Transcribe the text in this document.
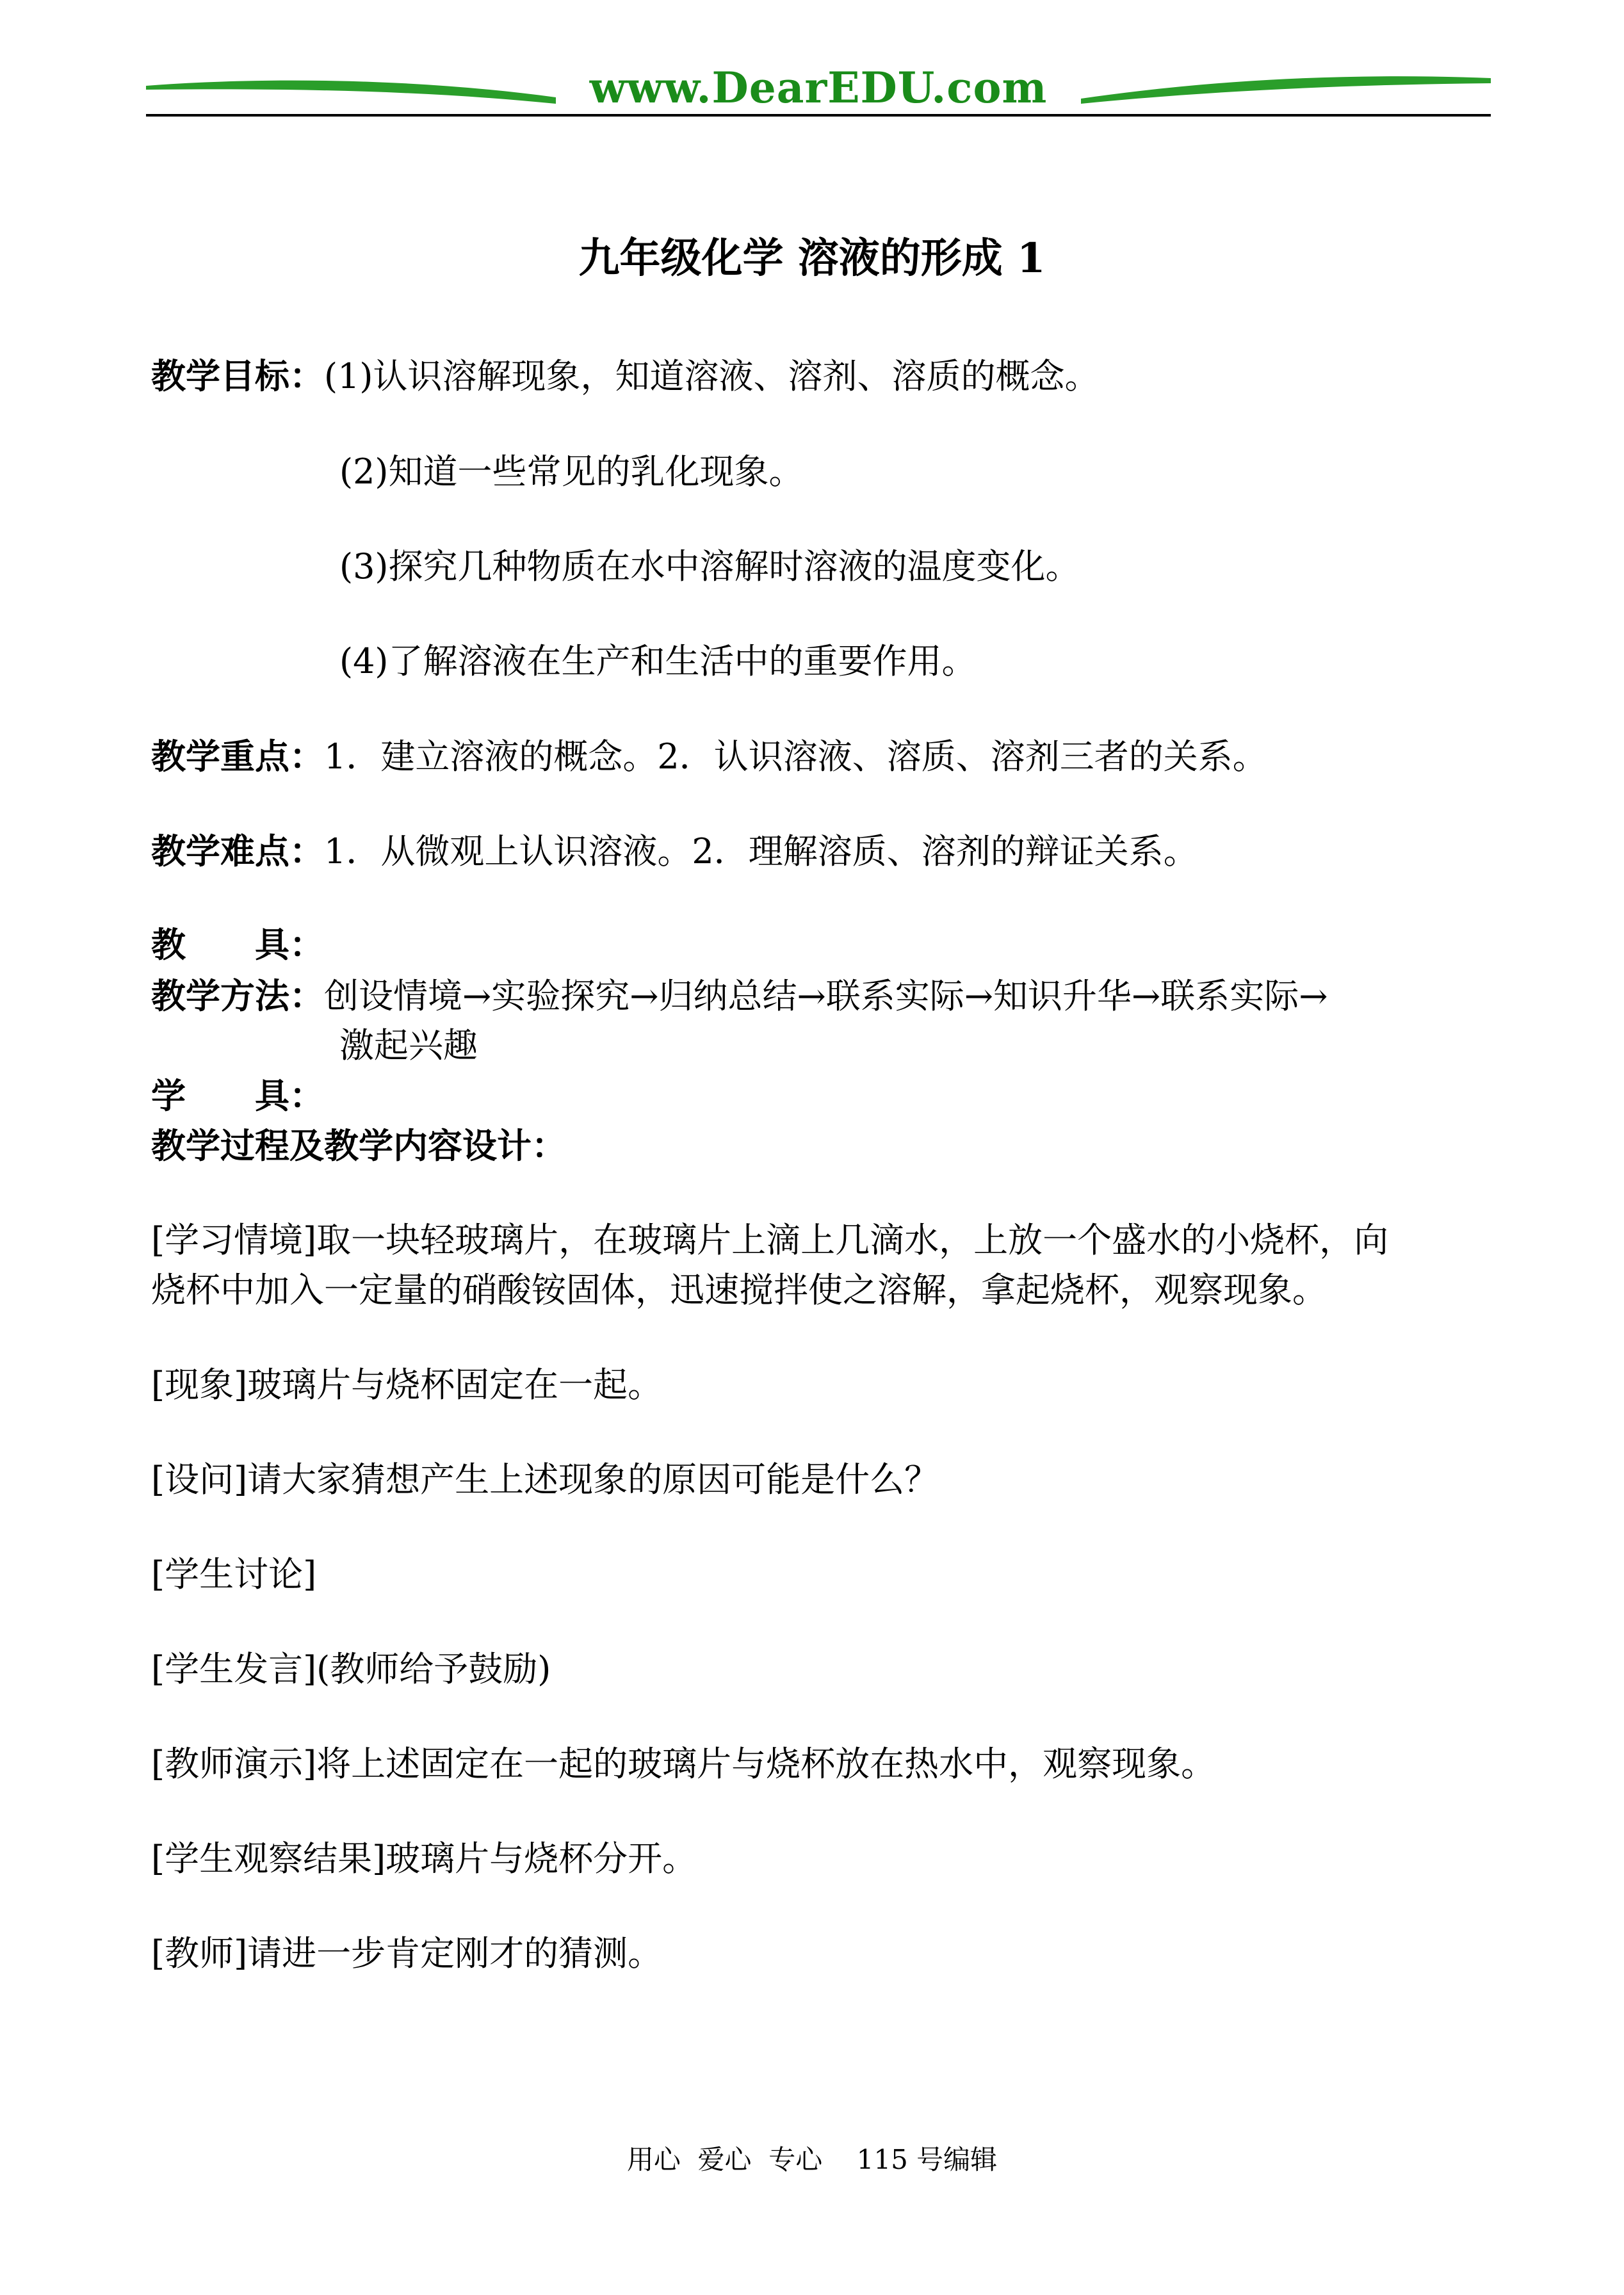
www.DearEDU.com
九年级化学 溶液的形成 1
教学目标：(1)认识溶解现象，知道溶液、溶剂、溶质的概念。
(2)知道一些常见的乳化现象。
(3)探究几种物质在水中溶解时溶液的温度变化。
(4)了解溶液在生产和生活中的重要作用。
教学重点：1．建立溶液的概念。2．认识溶液、溶质、溶剂三者的关系。
教学难点：1．从微观上认识溶液。2．理解溶质、溶剂的辩证关系。
教　　具：
教学方法：创设情境→实验探究→归纳总结→联系实际→知识升华→联系实际→
激起兴趣
学　　具：
教学过程及教学内容设计：
[学习情境]取一块轻玻璃片，在玻璃片上滴上几滴水，上放一个盛水的小烧杯，向
烧杯中加入一定量的硝酸铵固体，迅速搅拌使之溶解，拿起烧杯，观察现象。
[现象]玻璃片与烧杯固定在一起。
[设问]请大家猜想产生上述现象的原因可能是什么？
[学生讨论]
[学生发言](教师给予鼓励)
[教师演示]将上述固定在一起的玻璃片与烧杯放在热水中，观察现象。
[学生观察结果]玻璃片与烧杯分开。
[教师]请进一步肯定刚才的猜测。
用心  爱心  专心    115 号编辑
